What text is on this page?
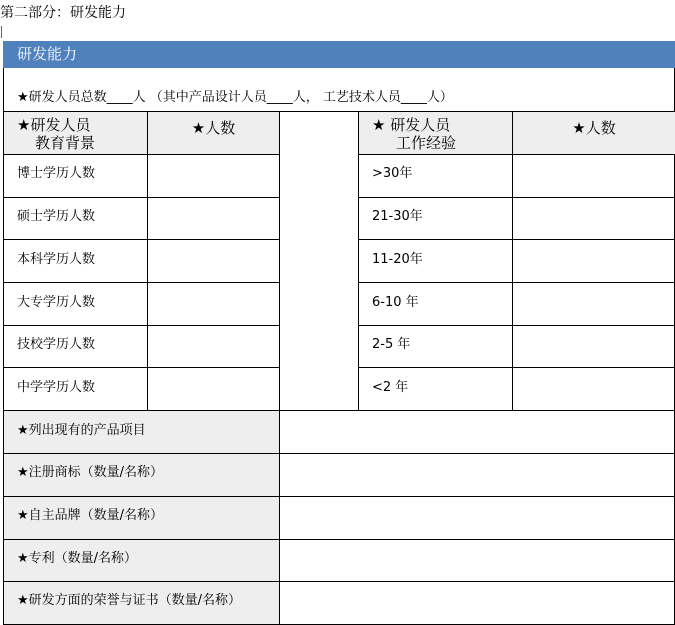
第二部分：研发能力
研发能力
★研发人员总数____人 （其中产品设计人员____人， 工艺技术人员____人）
★研发人员
教育背景
★人数	★ 研发人员
工作经验
★人数
博士学历人数
硕士学历人数
本科学历人数
大专学历人数
技校学历人数
中学学历人数
>30年
21-30年
11-20年
6-10 年
2-5 年
<2 年
★列出现有的产品项目
★注册商标（数量/名称）
★自主品牌（数量/名称）
★专利（数量/名称）
★研发方面的荣誉与证书（数量/名称）
